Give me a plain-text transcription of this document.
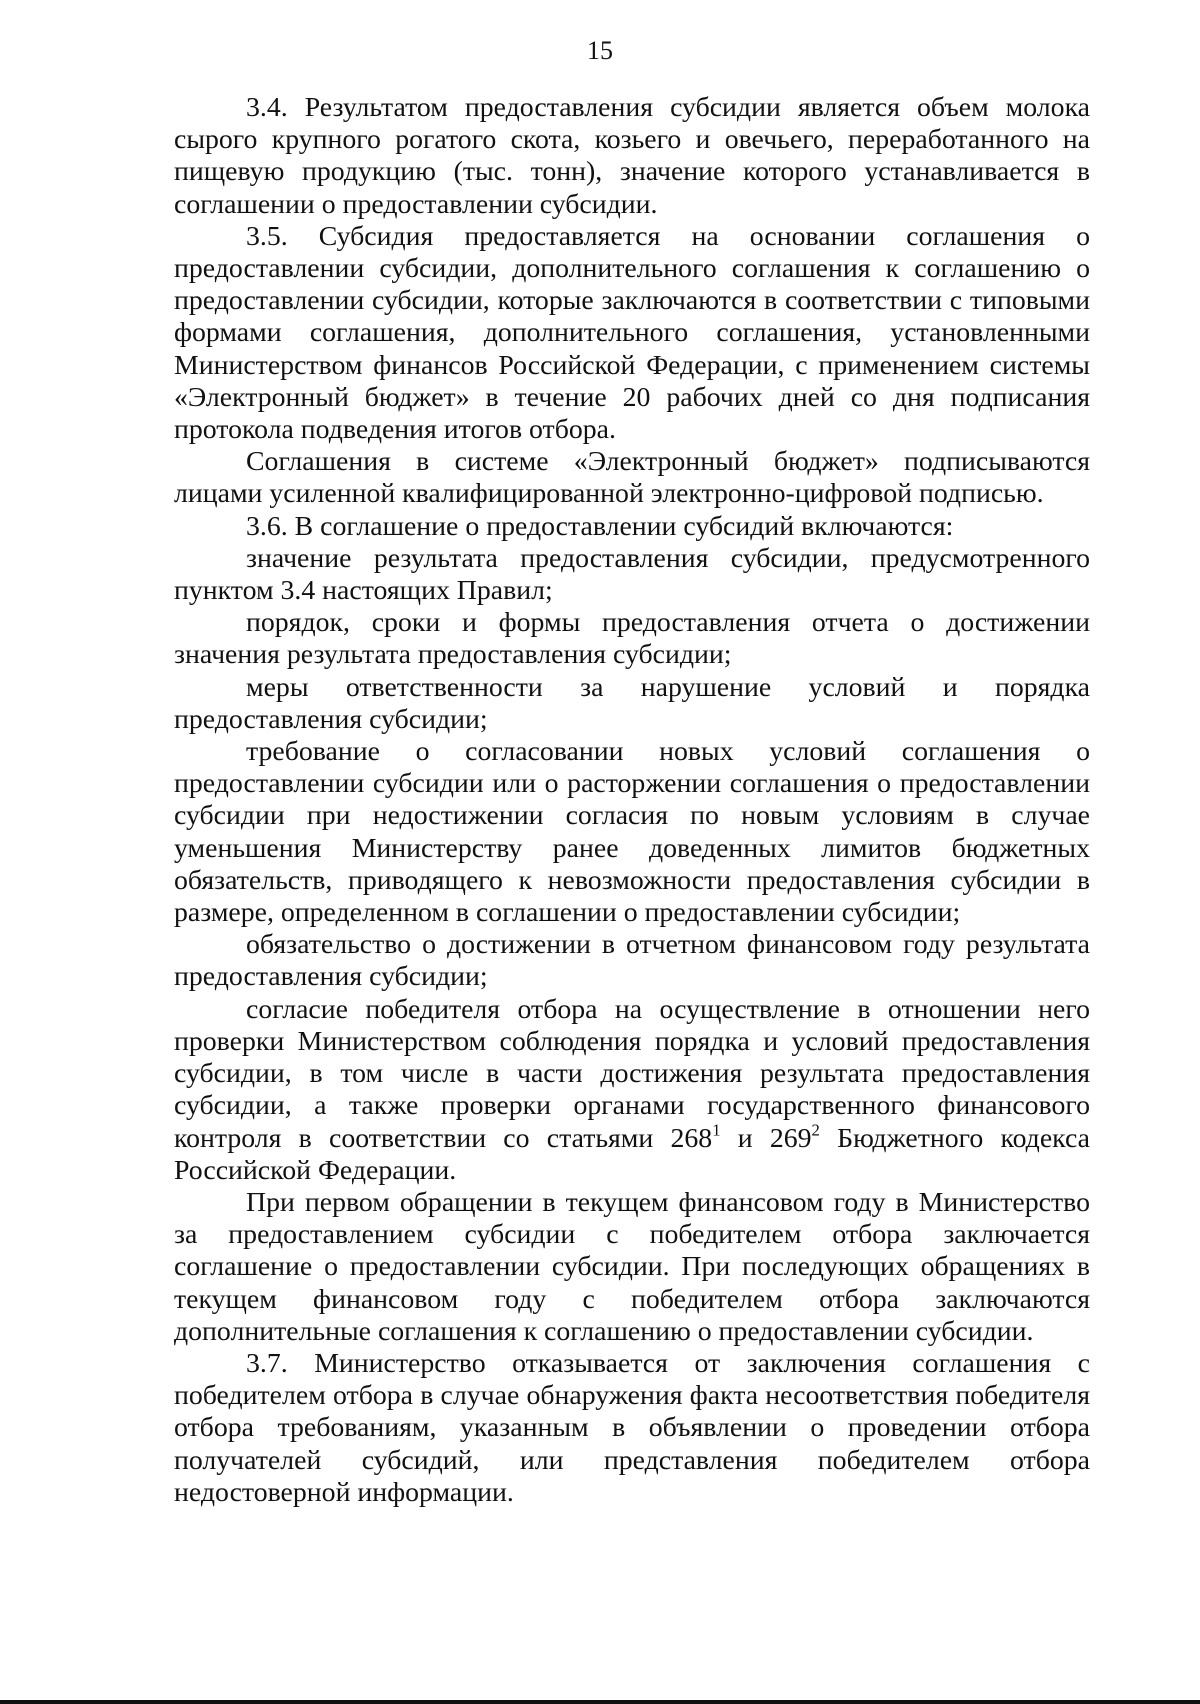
15

3.4. Результатом предоставления субсидии является объем молока сырого крупного рогатого скота, козьего и овечьего, переработанного на пищевую продукцию (тыс. тонн), значение которого устанавливается в соглашении о предоставлении субсидии.

3.5. Субсидия предоставляется на основании соглашения о предоставлении субсидии, дополнительного соглашения к соглашению о предоставлении субсидии, которые заключаются в соответствии с типовыми формами соглашения, дополнительного соглашения, установленными Министерством финансов Российской Федерации, с применением системы «Электронный бюджет» в течение 20 рабочих дней со дня подписания протокола подведения итогов отбора.

Соглашения в системе «Электронный бюджет» подписываются лицами усиленной квалифицированной электронно-цифровой подписью.

3.6. В соглашение о предоставлении субсидий включаются:

значение результата предоставления субсидии, предусмотренного пунктом 3.4 настоящих Правил;

порядок, сроки и формы предоставления отчета о достижении значения результата предоставления субсидии;

меры ответственности за нарушение условий и порядка предоставления субсидии;

требование о согласовании новых условий соглашения о предоставлении субсидии или о расторжении соглашения о предоставлении субсидии при недостижении согласия по новым условиям в случае уменьшения Министерству ранее доведенных лимитов бюджетных обязательств, приводящего к невозможности предоставления субсидии в размере, определенном в соглашении о предоставлении субсидии;

обязательство о достижении в отчетном финансовом году результата предоставления субсидии;

согласие победителя отбора на осуществление в отношении него проверки Министерством соблюдения порядка и условий предоставления субсидии, в том числе в части достижения результата предоставления субсидии, а также проверки органами государственного финансового контроля в соответствии со статьями $268^1$ и $269^2$ Бюджетного кодекса Российской Федерации.

При первом обращении в текущем финансовом году в Министерство за предоставлением субсидии с победителем отбора заключается соглашение о предоставлении субсидии. При последующих обращениях в текущем финансовом году с победителем отбора заключаются дополнительные соглашения к соглашению о предоставлении субсидии.

3.7. Министерство отказывается от заключения соглашения с победителем отбора в случае обнаружения факта несоответствия победителя отбора требованиям, указанным в объявлении о проведении отбора получателей субсидий, или представления победителем отбора недостоверной информации.
